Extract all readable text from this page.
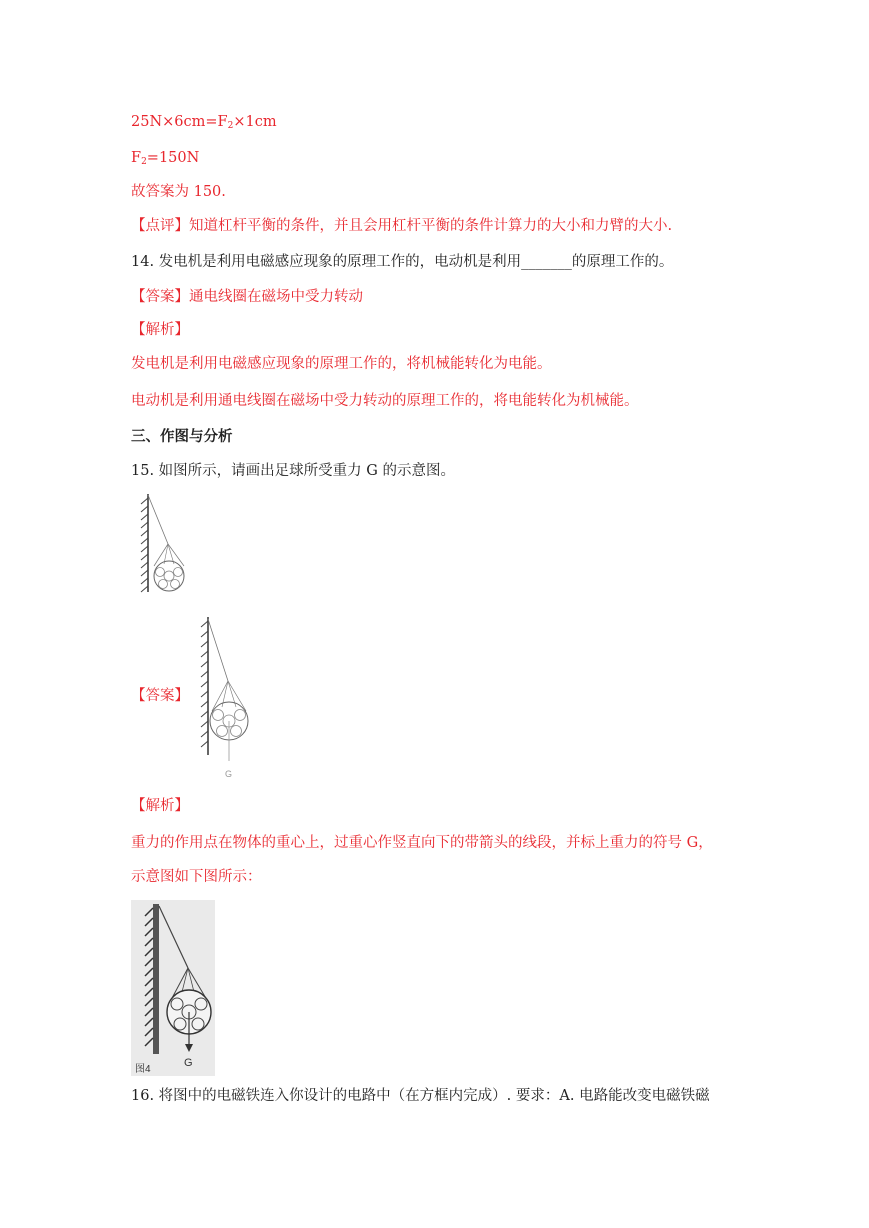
$25N\times 6cm=F_2\times 1cm$
$F_2=150N$
故答案为 150.
【点评】知道杠杆平衡的条件，并且会用杠杆平衡的条件计算力的大小和力臂的大小.
14. 发电机是利用电磁感应现象的原理工作的，电动机是利用_______的原理工作的。
【答案】通电线圈在磁场中受力转动
【解析】
发电机是利用电磁感应现象的原理工作的，将机械能转化为电能。
电动机是利用通电线圈在磁场中受力转动的原理工作的，将电能转化为机械能。
三、作图与分析
15. 如图所示，请画出足球所受重力 G 的示意图。
【答案】
G
【解析】
重力的作用点在物体的重心上，过重心作竖直向下的带箭头的线段，并标上重力的符号 G，
示意图如下图所示：
G
图4
16. 将图中的电磁铁连入你设计的电路中（在方框内完成）. 要求：A. 电路能改变电磁铁磁
